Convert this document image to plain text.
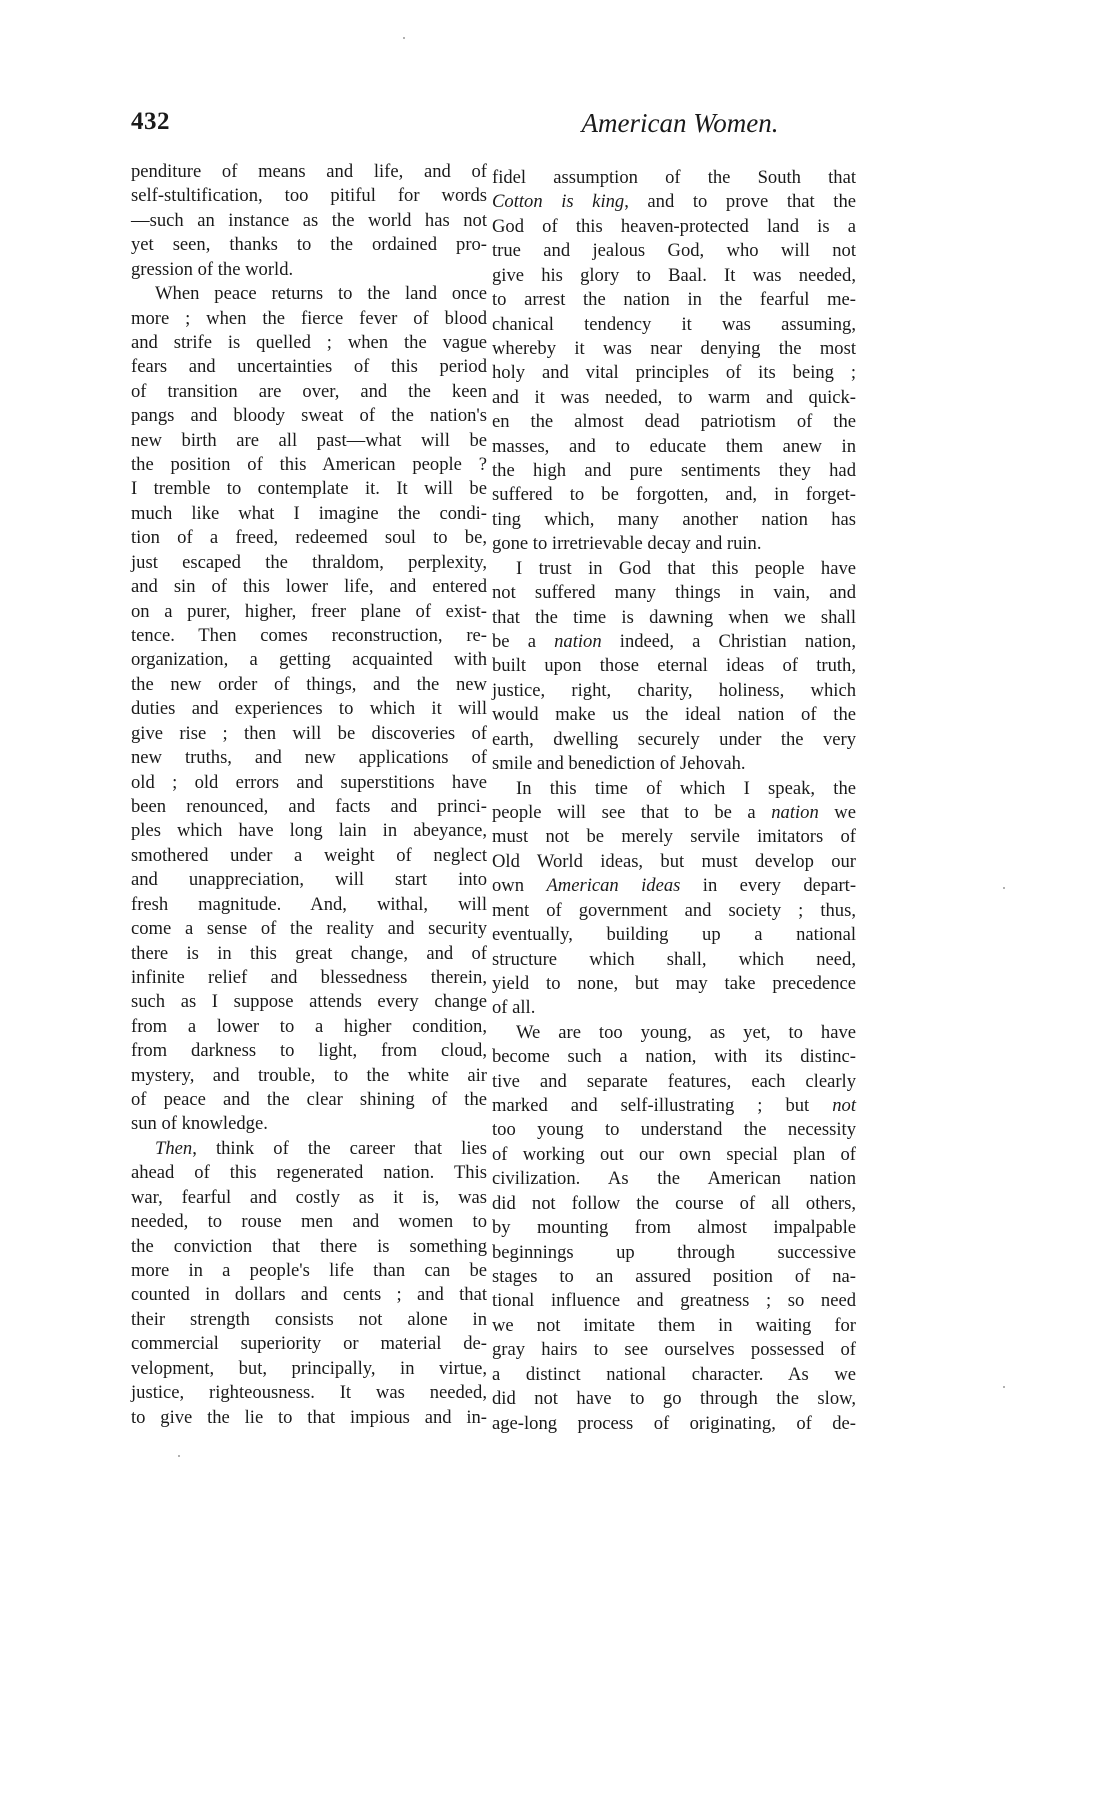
432	American Women.
penditure of means and life, and of
self-stultification, too pitiful for words
—such an instance as the world has not
yet seen, thanks to the ordained pro-
gression of the world.
When peace returns to the land once
more ; when the fierce fever of blood
and strife is quelled ; when the vague
fears and uncertainties of this period
of transition are over, and the keen
pangs and bloody sweat of the nation's
new birth are all past—what will be
the position of this American people ?
I tremble to contemplate it. It will be
much like what I imagine the condi-
tion of a freed, redeemed soul to be,
just escaped the thraldom, perplexity,
and sin of this lower life, and entered
on a purer, higher, freer plane of exist-
tence. Then comes reconstruction, re-
organization, a getting acquainted with
the new order of things, and the new
duties and experiences to which it will
give rise ; then will be discoveries of
new truths, and new applications of
old ; old errors and superstitions have
been renounced, and facts and princi-
ples which have long lain in abeyance,
smothered under a weight of neglect
and unappreciation, will start into
fresh magnitude. And, withal, will
come a sense of the reality and security
there is in this great change, and of
infinite relief and blessedness therein,
such as I suppose attends every change
from a lower to a higher condition,
from darkness to light, from cloud,
mystery, and trouble, to the white air
of peace and the clear shining of the
sun of knowledge.
Then, think of the career that lies
ahead of this regenerated nation. This
war, fearful and costly as it is, was
needed, to rouse men and women to
the conviction that there is something
more in a people's life than can be
counted in dollars and cents ; and that
their strength consists not alone in
commercial superiority or material de-
velopment, but, principally, in virtue,
justice, righteousness. It was needed,
to give the lie to that impious and in-
fidel assumption of the South that
Cotton is king, and to prove that the
God of this heaven-protected land is a
true and jealous God, who will not
give his glory to Baal. It was needed,
to arrest the nation in the fearful me-
chanical tendency it was assuming,
whereby it was near denying the most
holy and vital principles of its being ;
and it was needed, to warm and quick-
en the almost dead patriotism of the
masses, and to educate them anew in
the high and pure sentiments they had
suffered to be forgotten, and, in forget-
ting which, many another nation has
gone to irretrievable decay and ruin.
I trust in God that this people have
not suffered many things in vain, and
that the time is dawning when we shall
be a nation indeed, a Christian nation,
built upon those eternal ideas of truth,
justice, right, charity, holiness, which
would make us the ideal nation of the
earth, dwelling securely under the very
smile and benediction of Jehovah.
In this time of which I speak, the
people will see that to be a nation we
must not be merely servile imitators of
Old World ideas, but must develop our
own American ideas in every depart-
ment of government and society ; thus,
eventually, building up a national
structure which shall, which need,
yield to none, but may take precedence
of all.
We are too young, as yet, to have
become such a nation, with its distinc-
tive and separate features, each clearly
marked and self-illustrating ; but not
too young to understand the necessity
of working out our own special plan of
civilization. As the American nation
did not follow the course of all others,
by mounting from almost impalpable
beginnings up through successive
stages to an assured position of na-
tional influence and greatness ; so need
we not imitate them in waiting for
gray hairs to see ourselves possessed of
a distinct national character. As we
did not have to go through the slow,
age-long process of originating, of de-
